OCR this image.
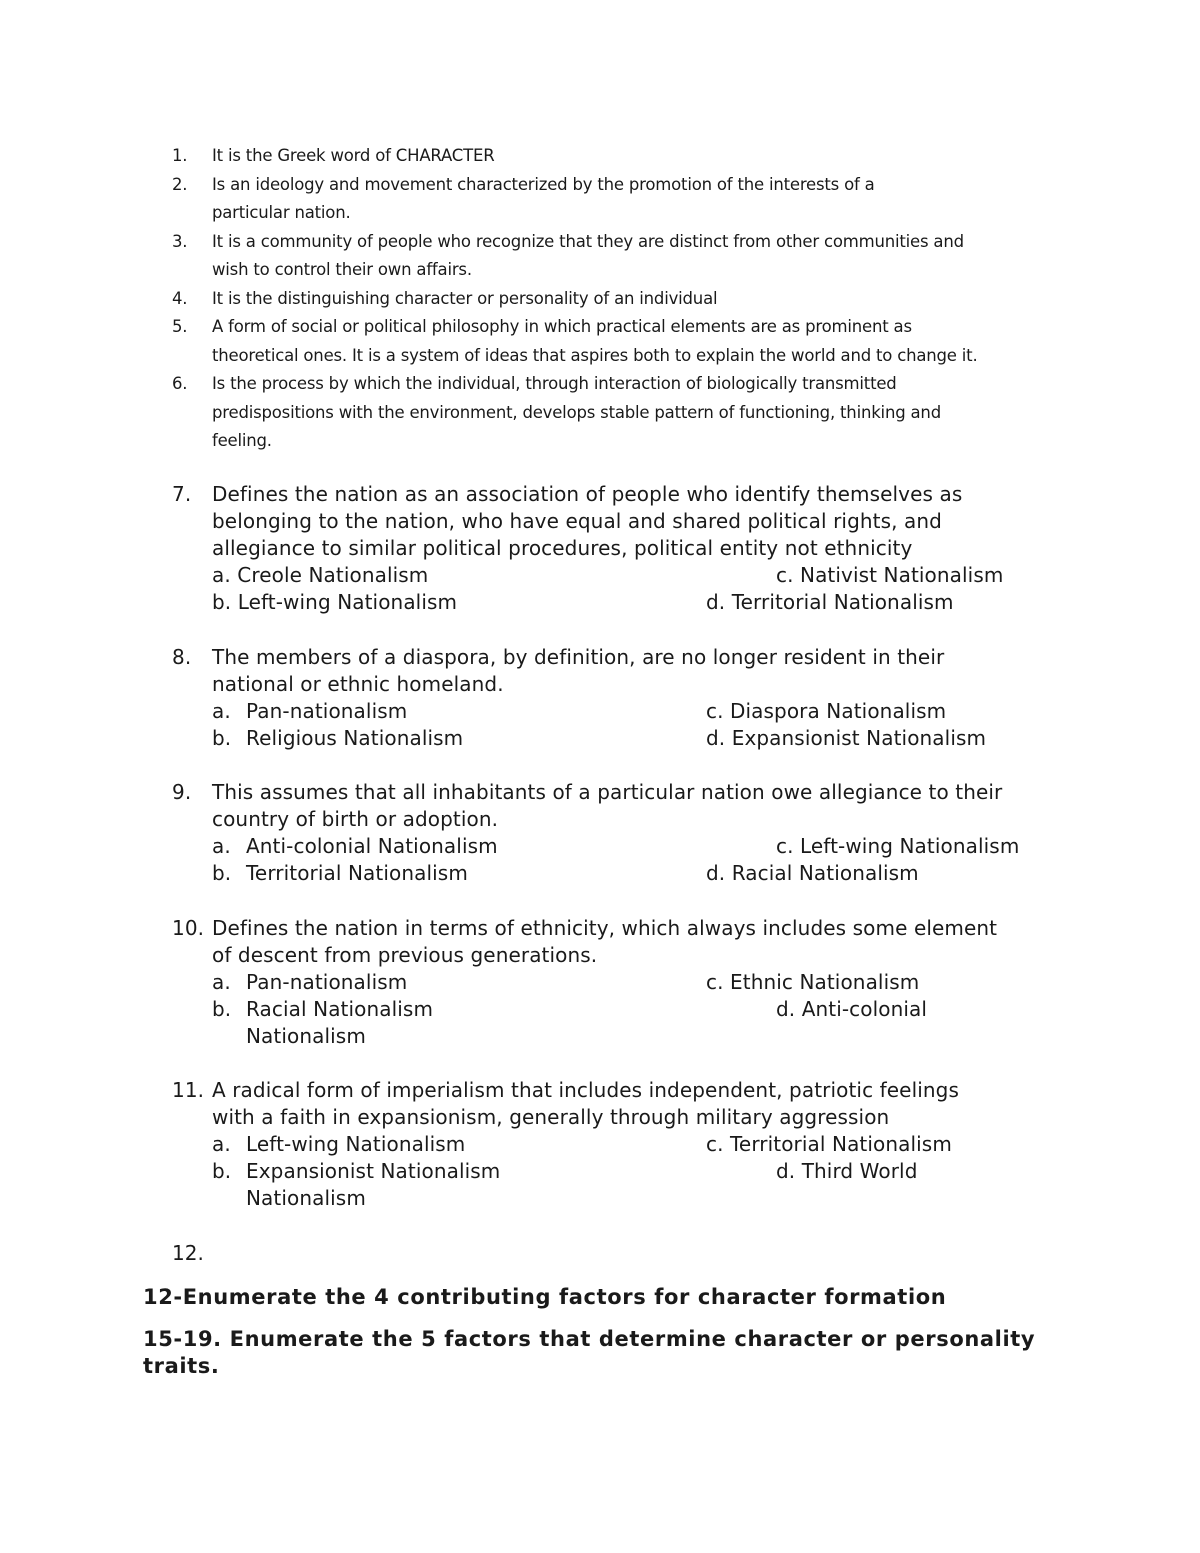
1.	It is the Greek word of CHARACTER
2.	Is an ideology and movement characterized by the promotion of the interests of a
particular nation.
3.	It is a community of people who recognize that they are distinct from other communities and
wish to control their own affairs.
4.	It is the distinguishing character or personality of an individual
5.	A form of social or political philosophy in which practical elements are as prominent as
theoretical ones. It is a system of ideas that aspires both to explain the world and to change it.
6.	Is the process by which the individual, through interaction of biologically transmitted
predispositions with the environment, develops stable pattern of functioning, thinking and
feeling.
7.	Defines the nation as an association of people who identify themselves as
belonging to the nation, who have equal and shared political rights, and
allegiance to similar political procedures, political entity not ethnicity
a. Creole Nationalism	c. Nativist Nationalism
b. Left-wing Nationalism	d. Territorial Nationalism
8.	The members of a diaspora, by definition, are no longer resident in their
national or ethnic homeland.
a. Pan-nationalism	c. Diaspora Nationalism
b. Religious Nationalism	d. Expansionist Nationalism
9.	This assumes that all inhabitants of a particular nation owe allegiance to their
country of birth or adoption.
a. Anti-colonial Nationalism	c. Left-wing Nationalism
b. Territorial Nationalism	d. Racial Nationalism
10. Defines the nation in terms of ethnicity, which always includes some element
of descent from previous generations.
a. Pan-nationalism	c. Ethnic Nationalism
b. Racial Nationalism	d. Anti-colonial
Nationalism
11. A radical form of imperialism that includes independent, patriotic feelings
with a faith in expansionism, generally through military aggression
a. Left-wing Nationalism	c. Territorial Nationalism
b. Expansionist Nationalism	d. Third World
Nationalism
12.
12-Enumerate the 4 contributing factors for character formation
15-19. Enumerate the 5 factors that determine character or personality
traits.
